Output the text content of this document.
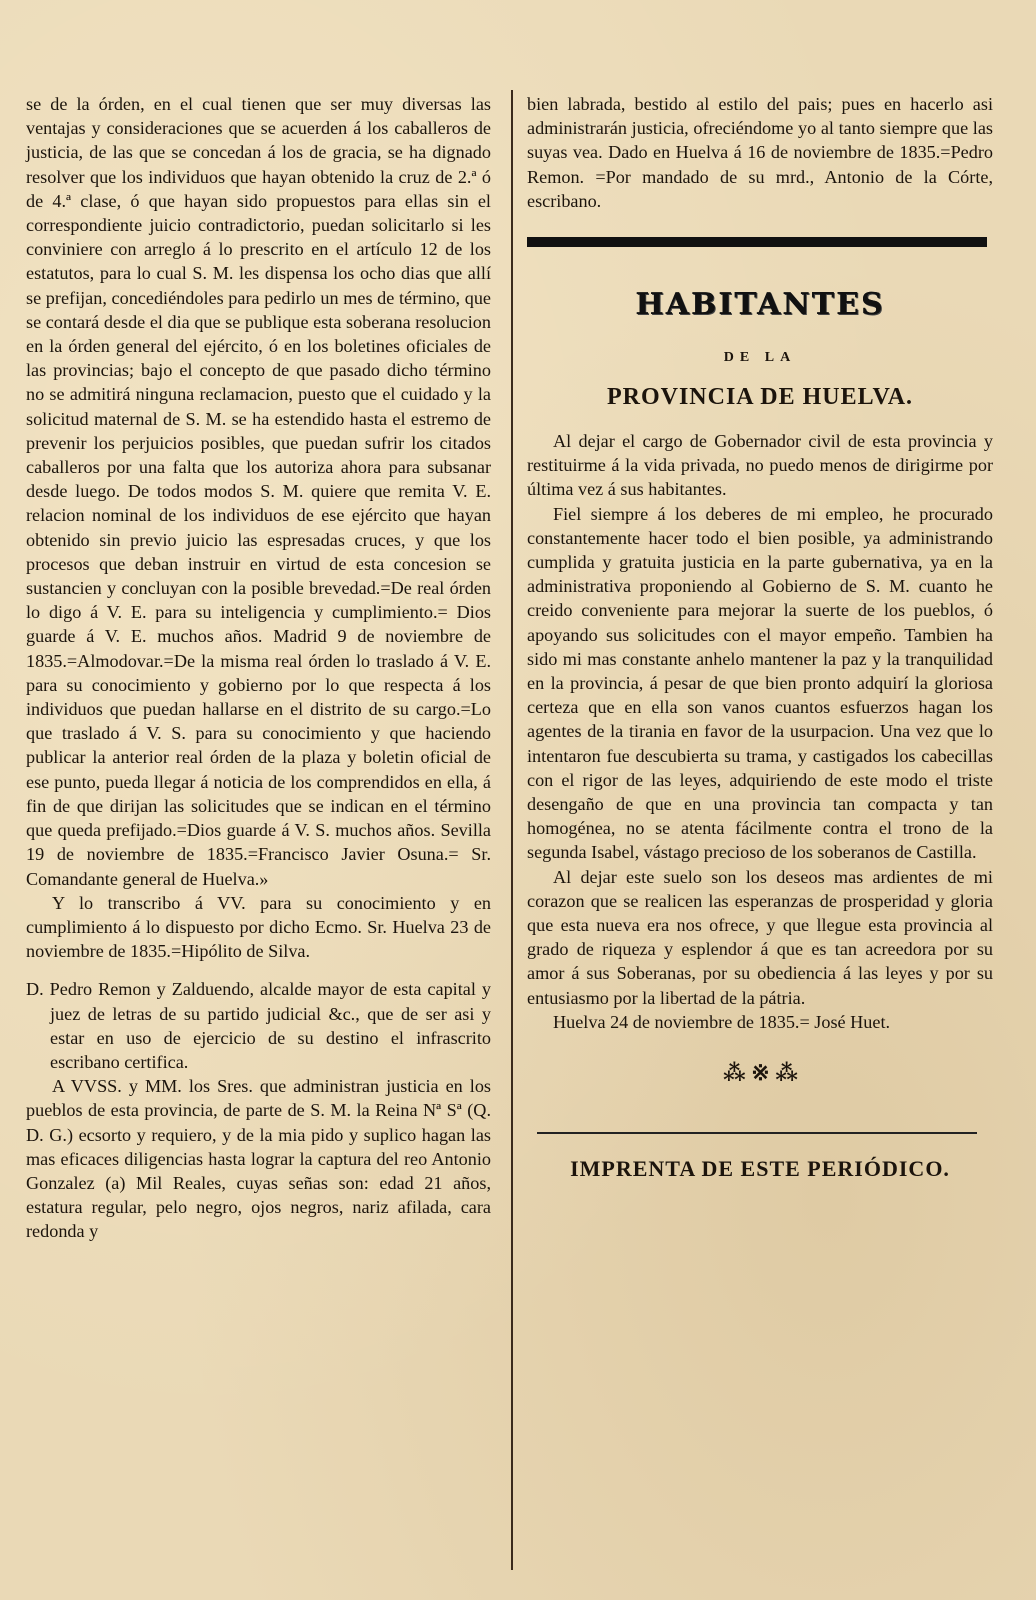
se de la órden, en el cual tienen que ser muy diversas las ventajas y consideraciones que se acuerden á los caballeros de justicia, de las que se concedan á los de gracia, se ha dignado resolver que los individuos que hayan obtenido la cruz de 2.ª ó de 4.ª clase, ó que hayan sido propuestos para ellas sin el correspondiente juicio contradictorio, puedan solicitarlo si les conviniere con arreglo á lo prescrito en el artículo 12 de los estatutos, para lo cual S. M. les dispensa los ocho dias que allí se prefijan, concediéndoles para pedirlo un mes de término, que se contará desde el dia que se publique esta soberana resolucion en la órden general del ejército, ó en los boletines oficiales de las provincias; bajo el concepto de que pasado dicho término no se admitirá ninguna reclamacion, puesto que el cuidado y la solicitud maternal de S. M. se ha estendido hasta el estremo de prevenir los perjuicios posibles, que puedan sufrir los citados caballeros por una falta que los autoriza ahora para subsanar desde luego. De todos modos S. M. quiere que remita V. E. relacion nominal de los individuos de ese ejército que hayan obtenido sin previo juicio las espresadas cruces, y que los procesos que deban instruir en virtud de esta concesion se sustancien y concluyan con la posible brevedad.=De real órden lo digo á V. E. para su inteligencia y cumplimiento.= Dios guarde á V. E. muchos años. Madrid 9 de noviembre de 1835.=Almodovar.=De la misma real órden lo traslado á V. E. para su conocimiento y gobierno por lo que respecta á los individuos que puedan hallarse en el distrito de su cargo.=Lo que traslado á V. S. para su conocimiento y que haciendo publicar la anterior real órden de la plaza y boletin oficial de ese punto, pueda llegar á noticia de los comprendidos en ella, á fin de que dirijan las solicitudes que se indican en el término que queda prefijado.=Dios guarde á V. S. muchos años. Sevilla 19 de noviembre de 1835.=Francisco Javier Osuna.= Sr. Comandante general de Huelva.»

Y lo transcribo á VV. para su conocimiento y en cumplimiento á lo dispuesto por dicho Ecmo. Sr. Huelva 23 de noviembre de 1835.=Hipólito de Silva.

D. Pedro Remon y Zalduendo, alcalde mayor de esta capital y juez de letras de su partido judicial &c., que de ser asi y estar en uso de ejercicio de su destino el infrascrito escribano certifica.

A VVSS. y MM. los Sres. que administran justicia en los pueblos de esta provincia, de parte de S. M. la Reina Nª Sª (Q. D. G.) ecsorto y requiero, y de la mia pido y suplico hagan las mas eficaces diligencias hasta lograr la captura del reo Antonio Gonzalez (a) Mil Reales, cuyas señas son: edad 21 años, estatura regular, pelo negro, ojos negros, nariz afilada, cara redonda y

bien labrada, bestido al estilo del pais; pues en hacerlo asi administrarán justicia, ofreciéndome yo al tanto siempre que las suyas vea. Dado en Huelva á 16 de noviembre de 1835.=Pedro Remon. =Por mandado de su mrd., Antonio de la Córte, escribano.

HABITANTES
DE LA
PROVINCIA DE HUELVA.

Al dejar el cargo de Gobernador civil de esta provincia y restituirme á la vida privada, no puedo menos de dirigirme por última vez á sus habitantes.

Fiel siempre á los deberes de mi empleo, he procurado constantemente hacer todo el bien posible, ya administrando cumplida y gratuita justicia en la parte gubernativa, ya en la administrativa proponiendo al Gobierno de S. M. cuanto he creido conveniente para mejorar la suerte de los pueblos, ó apoyando sus solicitudes con el mayor empeño. Tambien ha sido mi mas constante anhelo mantener la paz y la tranquilidad en la provincia, á pesar de que bien pronto adquirí la gloriosa certeza que en ella son vanos cuantos esfuerzos hagan los agentes de la tirania en favor de la usurpacion. Una vez que lo intentaron fue descubierta su trama, y castigados los cabecillas con el rigor de las leyes, adquiriendo de este modo el triste desengaño de que en una provincia tan compacta y tan homogénea, no se atenta fácilmente contra el trono de la segunda Isabel, vástago precioso de los soberanos de Castilla.

Al dejar este suelo son los deseos mas ardientes de mi corazon que se realicen las esperanzas de prosperidad y gloria que esta nueva era nos ofrece, y que llegue esta provincia al grado de riqueza y esplendor á que es tan acreedora por su amor á sus Soberanas, por su obediencia á las leyes y por su entusiasmo por la libertad de la pátria.

Huelva 24 de noviembre de 1835.= José Huet.

⁂ ※ ⁂
IMPRENTA DE ESTE PERIÓDICO.
